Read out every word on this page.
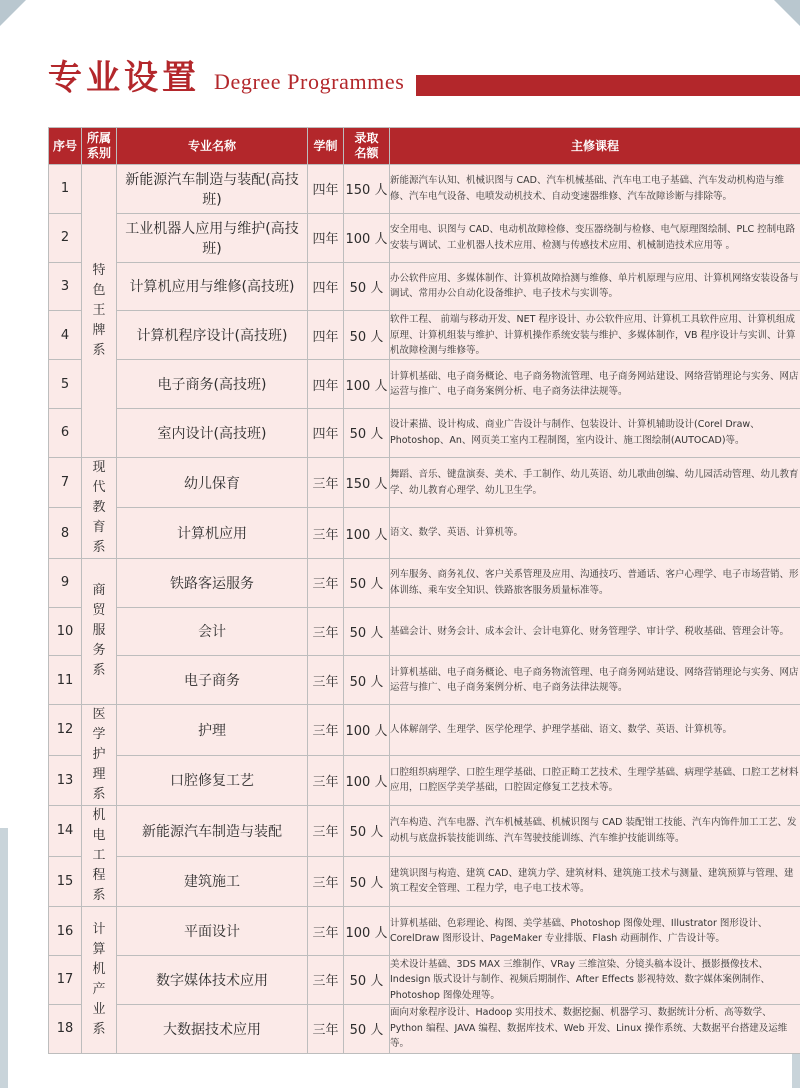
专业设置 Degree Programmes
序号	所属系别	专业名称	学制	录取名额	主修课程
1	特色王牌系	新能源汽车制造与装配(高技班)	四年	150 人	新能源汽车认知、机械识图与 CAD、汽车机械基础、汽车电工电子基础、汽车发动机构造与维修、汽车电气设备、电喷发动机技术、自动变速器维修、汽车故障诊断与排除等。
2		工业机器人应用与维护(高技班)	四年	100 人	安全用电、识图与 CAD、电动机故障检修、变压器绕制与检修、电气原理图绘制、PLC 控制电路安装与调试、工业机器人技术应用、检测与传感技术应用、机械制造技术应用等 。
3		计算机应用与维修(高技班)	四年	50 人	办公软件应用、多媒体制作、计算机故障拾测与维修、单片机原理与应用、计算机网络安装设备与调试、常用办公自动化设备维护、电子技术与实训等。
4		计算机程序设计(高技班)	四年	50 人	软件工程、 前端与移动开发、NET 程序设计、办公软件应用、计算机工具软件应用、计算机组成原理、计算机组装与维护、计算机操作系统安装与维护、多媒体制作，VB 程序设计与实训、计算机故障检测与维修等。
5		电子商务(高技班)	四年	100 人	计算机基础、电子商务概论、电子商务物流管理、电子商务网站建设、网络营销理论与实务、网店运营与推广、电子商务案例分析、电子商务法律法规等。
6		室内设计(高技班)	四年	50 人	设计素描、设计构成、商业广告设计与制作、包装设计、计算机辅助设计(Corel Draw、Photoshop、An、网页美工室内工程制图，室内设计、施工图绘制(AUTOCAD)等。
7	现代教育系	幼儿保育	三年	150 人	舞蹈、音乐、键盘演奏、美术、手工制作、幼儿英语、幼儿歌曲创编、幼儿园活动管理、幼儿教育学、幼儿教育心理学、幼儿卫生学。
8		计算机应用	三年	100 人	语文、数学、英语、计算机等。
9	商贸服务系	铁路客运服务	三年	50 人	列车服务、商务礼仪、客户关系管理及应用、沟通技巧、普通话、客户心理学、电子市场营销、形体训练、乘车安全知识、铁路旅客服务质量标准等。
10		会计	三年	50 人	基础会计、财务会计、成本会计、会计电算化、财务管理学、审计学、税收基础、管理会计等。
11		电子商务	三年	50 人	计算机基础、电子商务概论、电子商务物流管理、电子商务网站建设、网络营销理论与实务、网店运营与推广、电子商务案例分析、电子商务法律法规等。
12	医学护理系	护理	三年	100 人	人体解剖学、生理学、医学伦理学、护理学基础、语文、数学、英语、计算机等。
13		口腔修复工艺	三年	100 人	口腔组织病理学、口腔生理学基础、口腔正畸工艺技术、生理学基础、病理学基础、口腔工艺材料应用，口腔医学美学基础，口腔固定修复工艺技术等。
14	机电工程系	新能源汽车制造与装配	三年	50 人	汽车构造、汽车电器、汽车机械基础、机械识图与 CAD 装配钳工技能、汽车内饰件加工工艺、发动机与底盘拆装技能训练、汽车驾驶技能训练、汽车维护技能训练等。
15		建筑施工	三年	50 人	建筑识图与构造、建筑 CAD、建筑力学、建筑材料、建筑施工技术与测量、建筑预算与管理、建筑工程安全管理、工程力学，电子电工技术等。
16	计算机产业系	平面设计	三年	100 人	计算机基础、色彩理论、构图、美学基础、Photoshop 图像处理、Illustrator 图形设计、CorelDraw 图形设计、PageMaker 专业排版、Flash 动画制作、广告设计等。
17		数字媒体技术应用	三年	50 人	美术设计基础、3DS MAX 三维制作、VRay 三维渲染、分镜头稿本设计、摄影摄像技术、Indesign 版式设计与制作、视频后期制作、After Effects 影视特效、数字媒体案例制作、Photoshop 图像处理等。
18		大数据技术应用	三年	50 人	面向对象程序设计、Hadoop 实用技术、数据挖掘、机器学习、数据统计分析、高等数学、Python 编程、JAVA 编程、数据库技术、Web 开发、Linux 操作系统、大数据平台搭建及运维等。
